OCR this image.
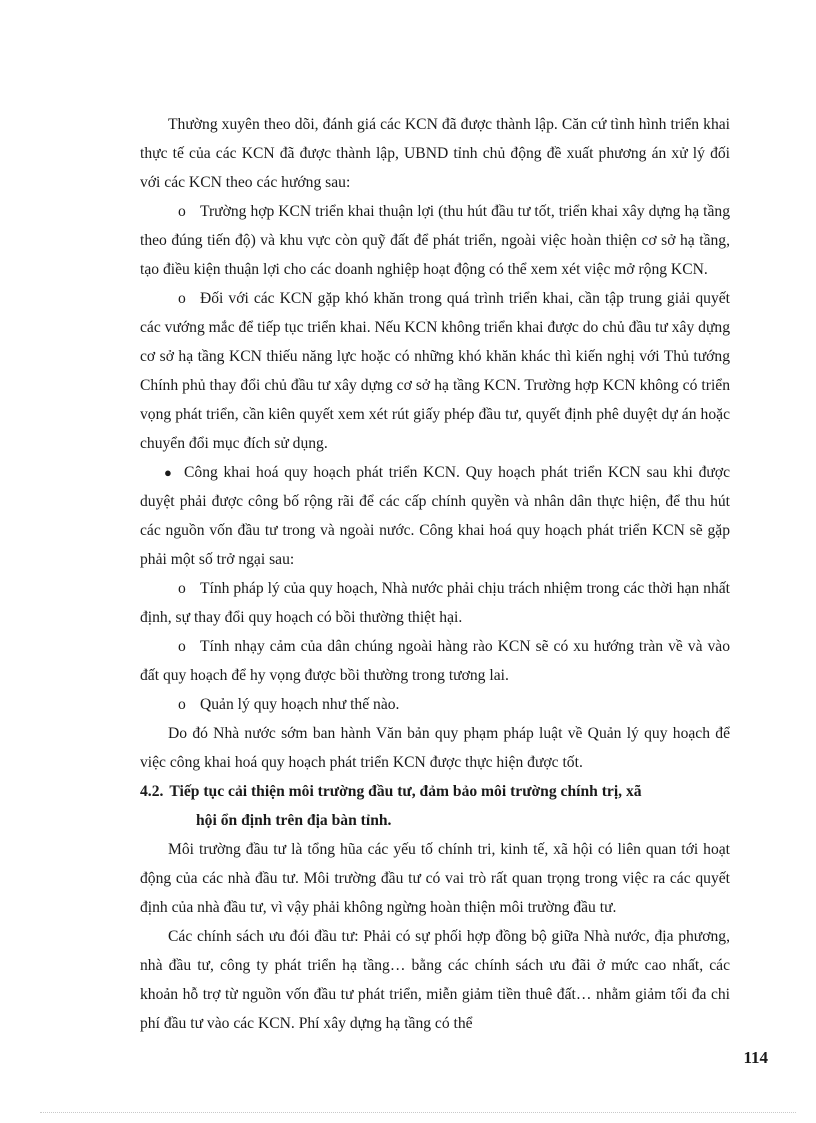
Thường xuyên theo dõi, đánh giá các KCN đã được thành lập. Căn cứ tình hình triển khai thực tế của các KCN đã được thành lập, UBND tỉnh chủ động đề xuất phương án xử lý đối với các KCN theo các hướng sau:

o Trường hợp KCN triển khai thuận lợi (thu hút đầu tư tốt, triển khai xây dựng hạ tầng theo đúng tiến độ) và khu vực còn quỹ đất để phát triển, ngoài việc hoàn thiện cơ sở hạ tầng, tạo điều kiện thuận lợi cho các doanh nghiệp hoạt động có thể xem xét việc mở rộng KCN.

o Đối với các KCN gặp khó khăn trong quá trình triển khai, cần tập trung giải quyết các vướng mắc để tiếp tục triển khai. Nếu KCN không triển khai được do chủ đầu tư xây dựng cơ sở hạ tầng KCN thiếu năng lực hoặc có những khó khăn khác thì kiến nghị với Thủ tướng Chính phủ thay đổi chủ đầu tư xây dựng cơ sở hạ tầng KCN. Trường hợp KCN không có triển vọng phát triển, cần kiên quyết xem xét rút giấy phép đầu tư, quyết định phê duyệt dự án hoặc chuyển đổi mục đích sử dụng.

● Công khai hoá quy hoạch phát triển KCN. Quy hoạch phát triển KCN sau khi được duyệt phải được công bố rộng rãi để các cấp chính quyền và nhân dân thực hiện, để thu hút các nguồn vốn đầu tư trong và ngoài nước. Công khai hoá quy hoạch phát triển KCN sẽ gặp phải một số trở ngại sau:

o Tính pháp lý của quy hoạch, Nhà nước phải chịu trách nhiệm trong các thời hạn nhất định, sự thay đổi quy hoạch có bồi thường thiệt hại.

o Tính nhạy cảm của dân chúng ngoài hàng rào KCN sẽ có xu hướng tràn về và vào đất quy hoạch để hy vọng được bồi thường trong tương lai.

o Quản lý quy hoạch như thế nào.

Do đó Nhà nước sớm ban hành Văn bản quy phạm pháp luật về Quản lý quy hoạch để việc công khai hoá quy hoạch phát triển KCN được thực hiện được tốt.

4.2. Tiếp tục cải thiện môi trường đầu tư, đảm bảo môi trường chính trị, xã

hội ổn định trên địa bàn tỉnh.

Môi trường đầu tư là tổng hũa các yếu tố chính tri, kinh tế, xã hội có liên quan tới hoạt động của các nhà đầu tư. Môi trường đầu tư có vai trò rất quan trọng trong việc ra các quyết định của nhà đầu tư, vì vậy phải không ngừng hoàn thiện môi trường đầu tư.

Các chính sách ưu đói đầu tư: Phải có sự phối hợp đồng bộ giữa Nhà nước, địa phương, nhà đầu tư, công ty phát triển hạ tầng… bằng các chính sách ưu đãi ở mức cao nhất, các khoản hỗ trợ từ nguồn vốn đầu tư phát triển, miễn giảm tiền thuê đất… nhằm giảm tối đa chi phí đầu tư vào các KCN. Phí xây dựng hạ tầng có thể

114
